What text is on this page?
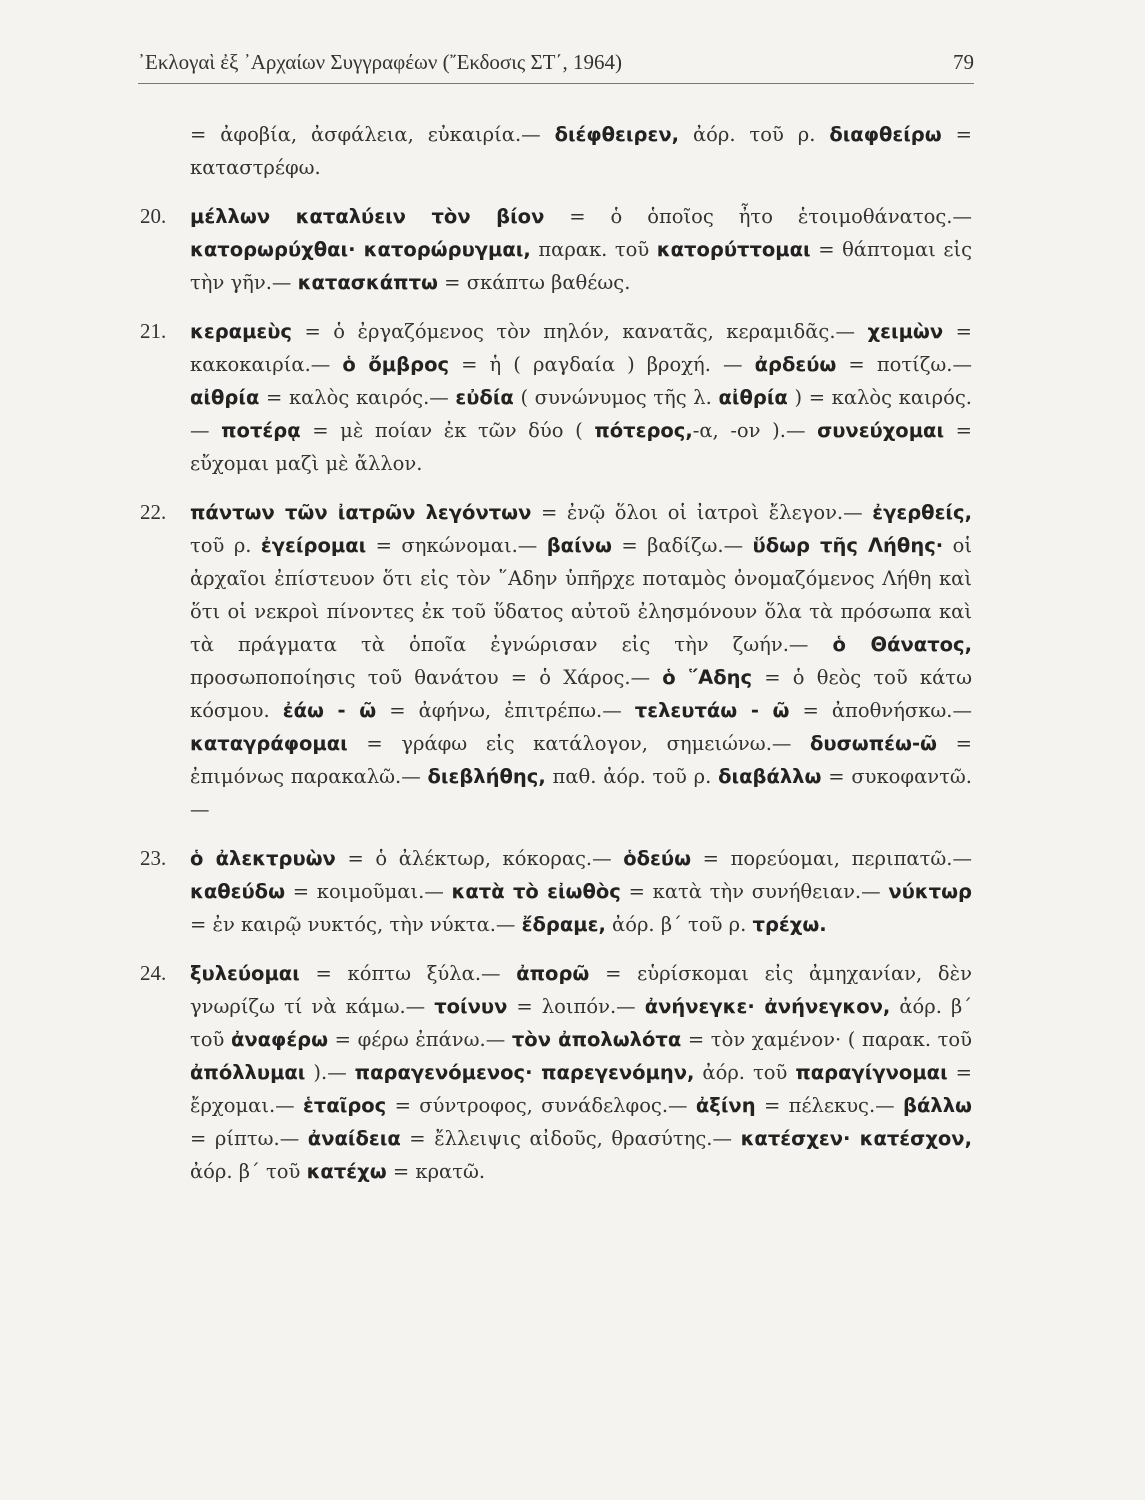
᾿Εκλογαὶ ἐξ ᾿Αρχαίων Συγγραφέων (῎Εκδοσις ΣΤ΄, 1964)	79

= ἀφοβία, ἀσφάλεια, εὐκαιρία.— διέφθειρεν, ἀόρ. τοῦ ρ. διαφθείρω = καταστρέφω.

20. μέλλων καταλύειν τὸν βίον = ὁ ὁποῖος ἦτο ἑτοιμοθάνατος.— κατορωρύχθαι· κατορώρυγμαι, παρακ. τοῦ κατορύττομαι = θάπτομαι εἰς τὴν γῆν.— κατασκάπτω = σκάπτω βαθέως.

21. κεραμεὺς = ὁ ἐργαζόμενος τὸν πηλόν, κανατᾶς, κεραμιδᾶς.— χειμὼν = κακοκαιρία.— ὁ ὄμβρος = ἡ ( ραγδαία ) βροχή. — ἀρδεύω = ποτίζω.— αἰθρία = καλὸς καιρός.— εὐδία ( συνώνυμος τῆς λ. αἰθρία ) = καλὸς καιρός.— ποτέρᾳ = μὲ ποίαν ἐκ τῶν δύο ( πότερος,-α, -ον ).— συνεύχομαι = εὔχομαι μαζὶ μὲ ἄλλον.

22. πάντων τῶν ἰατρῶν λεγόντων = ἐνῷ ὅλοι οἱ ἰατροὶ ἔλεγον.— ἐγερθείς, τοῦ ρ. ἐγείρομαι = σηκώνομαι.— βαίνω = βαδίζω.— ὕδωρ τῆς Λήθης· οἱ ἀρχαῖοι ἐπίστευον ὅτι εἰς τὸν ῞Αδην ὑπῆρχε ποταμὸς ὀνομαζόμενος Λήθη καὶ ὅτι οἱ νεκροὶ πίνοντες ἐκ τοῦ ὕδατος αὐτοῦ ἐλησμόνουν ὅλα τὰ πρόσωπα καὶ τὰ πράγματα τὰ ὁποῖα ἐγνώρισαν εἰς τὴν ζωήν.— ὁ Θάνατος, προσωποποίησις τοῦ θανάτου = ὁ Χάρος.— ὁ ῞Αδης = ὁ θεὸς τοῦ κάτω κόσμου. ἐάω - ῶ = ἀφήνω, ἐπιτρέπω.— τελευτάω - ῶ = ἀποθνήσκω.— καταγράφομαι = γράφω εἰς κατάλογον, σημειώνω.— δυσωπέω-ῶ = ἐπιμόνως παρακαλῶ.— διεβλήθης, παθ. ἀόρ. τοῦ ρ. διαβάλλω = συκοφαντῶ.—

23. ὁ ἀλεκτρυὼν = ὁ ἀλέκτωρ, κόκορας.— ὁδεύω = πορεύομαι, περιπατῶ.— καθεύδω = κοιμοῦμαι.— κατὰ τὸ εἰωθὸς = κατὰ τὴν συνήθειαν.— νύκτωρ = ἐν καιρῷ νυκτός, τὴν νύκτα.— ἔδραμε, ἀόρ. β΄ τοῦ ρ. τρέχω.

24. ξυλεύομαι = κόπτω ξύλα.— ἀπορῶ = εὑρίσκομαι εἰς ἀμηχανίαν, δὲν γνωρίζω τί νὰ κάμω.— τοίνυν = λοιπόν.— ἀνήνεγκε· ἀνήνεγκον, ἀόρ. β΄ τοῦ ἀναφέρω = φέρω ἐπάνω.— τὸν ἀπολωλότα = τὸν χαμένον· ( παρακ. τοῦ ἀπόλλυμαι ).— παραγενόμενος· παρεγενόμην, ἀόρ. τοῦ παραγίγνομαι = ἔρχομαι.— ἑταῖρος = σύντροφος, συνάδελφος.— ἀξίνη = πέλεκυς.— βάλλω = ρίπτω.— ἀναίδεια = ἔλλειψις αἰδοῦς, θρασύτης.— κατέσχεν· κατέσχον, ἀόρ. β΄ τοῦ κατέχω = κρατῶ.
